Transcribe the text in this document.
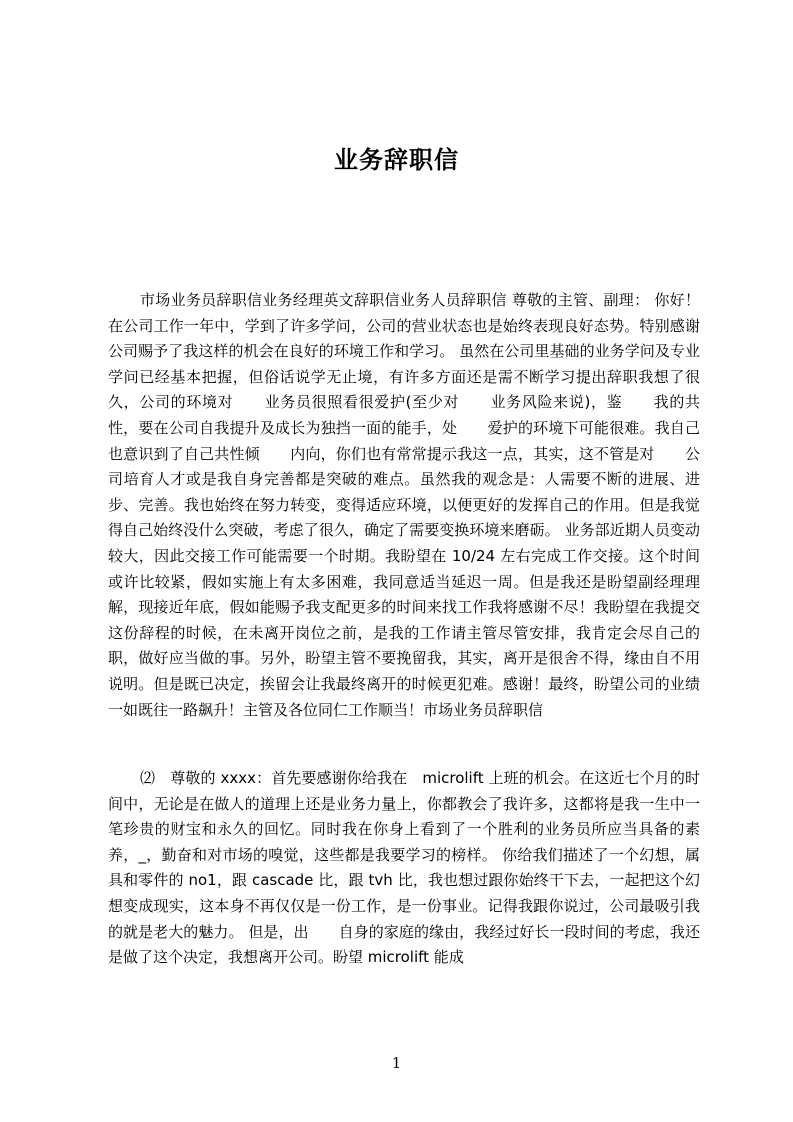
业务辞职信

市场业务员辞职信业务经理英文辞职信业务人员辞职信 尊敬的主管、副理： 你好！在公司工作一年中，学到了许多学问，公司的营业状态也是始终表现良好态势。特别感谢公司赐予了我这样的机会在良好的环境工作和学习。 虽然在公司里基础的业务学问及专业学问已经基本把握，但俗话说学无止境，有许多方面还是需不断学习提出辞职我想了很久，公司的环境对　　业务员很照看很爱护(至少对　　业务风险来说)，鉴　　我的共性，要在公司自我提升及成长为独挡一面的能手，处　　爱护的环境下可能很难。我自己也意识到了自己共性倾　　内向，你们也有常常提示我这一点，其实，这不管是对　　公司培育人才或是我自身完善都是突破的难点。虽然我的观念是：人需要不断的进展、进步、完善。我也始终在努力转变，变得适应环境，以便更好的发挥自己的作用。但是我觉得自己始终没什么突破，考虑了很久，确定了需要变换环境来磨砺。 业务部近期人员变动较大，因此交接工作可能需要一个时期。我盼望在 10/24 左右完成工作交接。这个时间或许比较紧，假如实施上有太多困难，我同意适当延迟一周。但是我还是盼望副经理理解，现接近年底，假如能赐予我支配更多的时间来找工作我将感谢不尽！我盼望在我提交这份辞程的时候，在未离开岗位之前，是我的工作请主管尽管安排，我肯定会尽自己的职，做好应当做的事。另外，盼望主管不要挽留我，其实，离开是很舍不得，缘由自不用说明。但是既已决定，挨留会让我最终离开的时候更犯难。感谢！最终，盼望公司的业绩一如既往一路飙升！主管及各位同仁工作顺当！市场业务员辞职信

⑵　尊敬的 xxxx：首先要感谢你给我在　microlift 上班的机会。在这近七个月的时间中，无论是在做人的道理上还是业务力量上，你都教会了我许多，这都将是我一生中一笔珍贵的财宝和永久的回忆。同时我在你身上看到了一个胜利的业务员所应当具备的素养，_，勤奋和对市场的嗅觉，这些都是我要学习的榜样。 你给我们描述了一个幻想，属具和零件的 no1，跟 cascade 比，跟 tvh 比，我也想过跟你始终干下去，一起把这个幻想变成现实，这本身不再仅仅是一份工作，是一份事业。记得我跟你说过，公司最吸引我的就是老大的魅力。 但是，出　　自身的家庭的缘由，我经过好长一段时间的考虑，我还是做了这个决定，我想离开公司。盼望 microlift 能成

1
